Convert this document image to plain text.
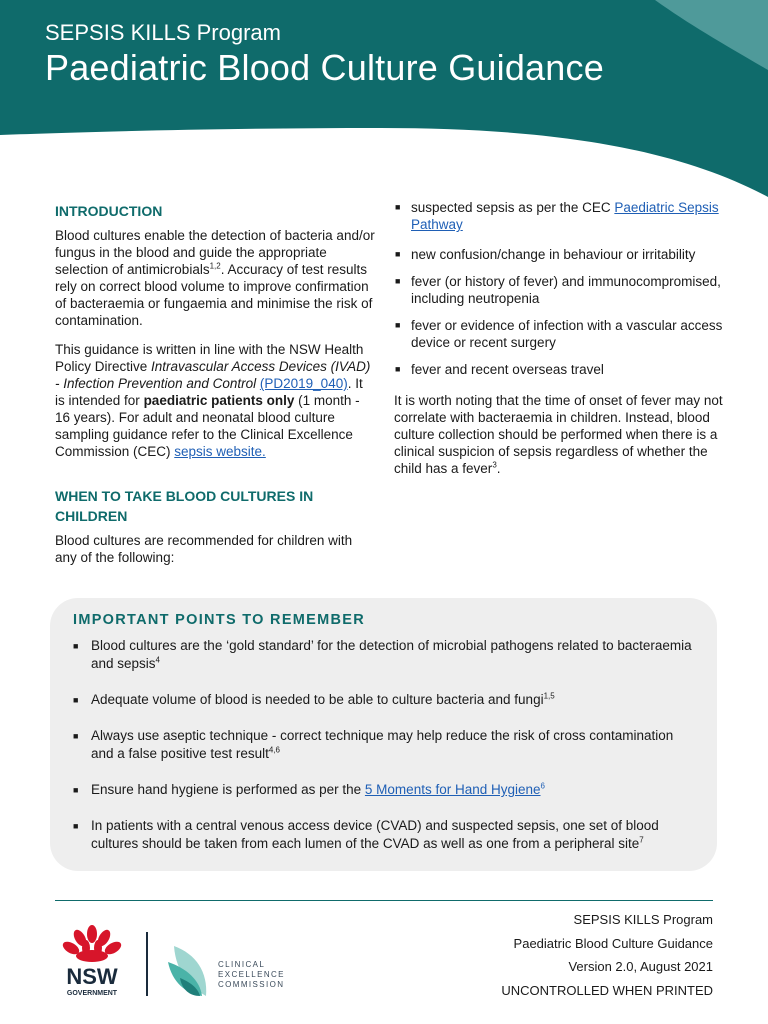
SEPSIS KILLS Program
Paediatric Blood Culture Guidance
INTRODUCTION

Blood cultures enable the detection of bacteria and/or fungus in the blood and guide the appropriate selection of antimicrobials$^{1,2}$. Accuracy of test results rely on correct blood volume to improve confirmation of bacteraemia or fungaemia and minimise the risk of contamination.

This guidance is written in line with the NSW Health Policy Directive Intravascular Access Devices (IVAD) - Infection Prevention and Control (PD2019_040). It is intended for paediatric patients only (1 month - 16 years). For adult and neonatal blood culture sampling guidance refer to the Clinical Excellence Commission (CEC) sepsis website.

WHEN TO TAKE BLOOD CULTURES IN CHILDREN

Blood cultures are recommended for children with any of the following:

■ suspected sepsis as per the CEC Paediatric Sepsis Pathway
■ new confusion/change in behaviour or irritability
■ fever (or history of fever) and immunocompromised, including neutropenia
■ fever or evidence of infection with a vascular access device or recent surgery
■ fever and recent overseas travel

It is worth noting that the time of onset of fever may not correlate with bacteraemia in children. Instead, blood culture collection should be performed when there is a clinical suspicion of sepsis regardless of whether the child has a fever$^3$.

IMPORTANT POINTS TO REMEMBER
■ Blood cultures are the ‘gold standard’ for the detection of microbial pathogens related to bacteraemia and sepsis$^4$
■ Adequate volume of blood is needed to be able to culture bacteria and fungi$^{1,5}$
■ Always use aseptic technique - correct technique may help reduce the risk of cross contamination and a false positive test result$^{4,6}$
■ Ensure hand hygiene is performed as per the 5 Moments for Hand Hygiene$^6$
■ In patients with a central venous access device (CVAD) and suspected sepsis, one set of blood cultures should be taken from each lumen of the CVAD as well as one from a peripheral site$^7$
NSW
GOVERNMENT
CLINICAL
EXCELLENCE
COMMISSION
SEPSIS KILLS Program
Paediatric Blood Culture Guidance
Version 2.0, August 2021
UNCONTROLLED WHEN PRINTED
